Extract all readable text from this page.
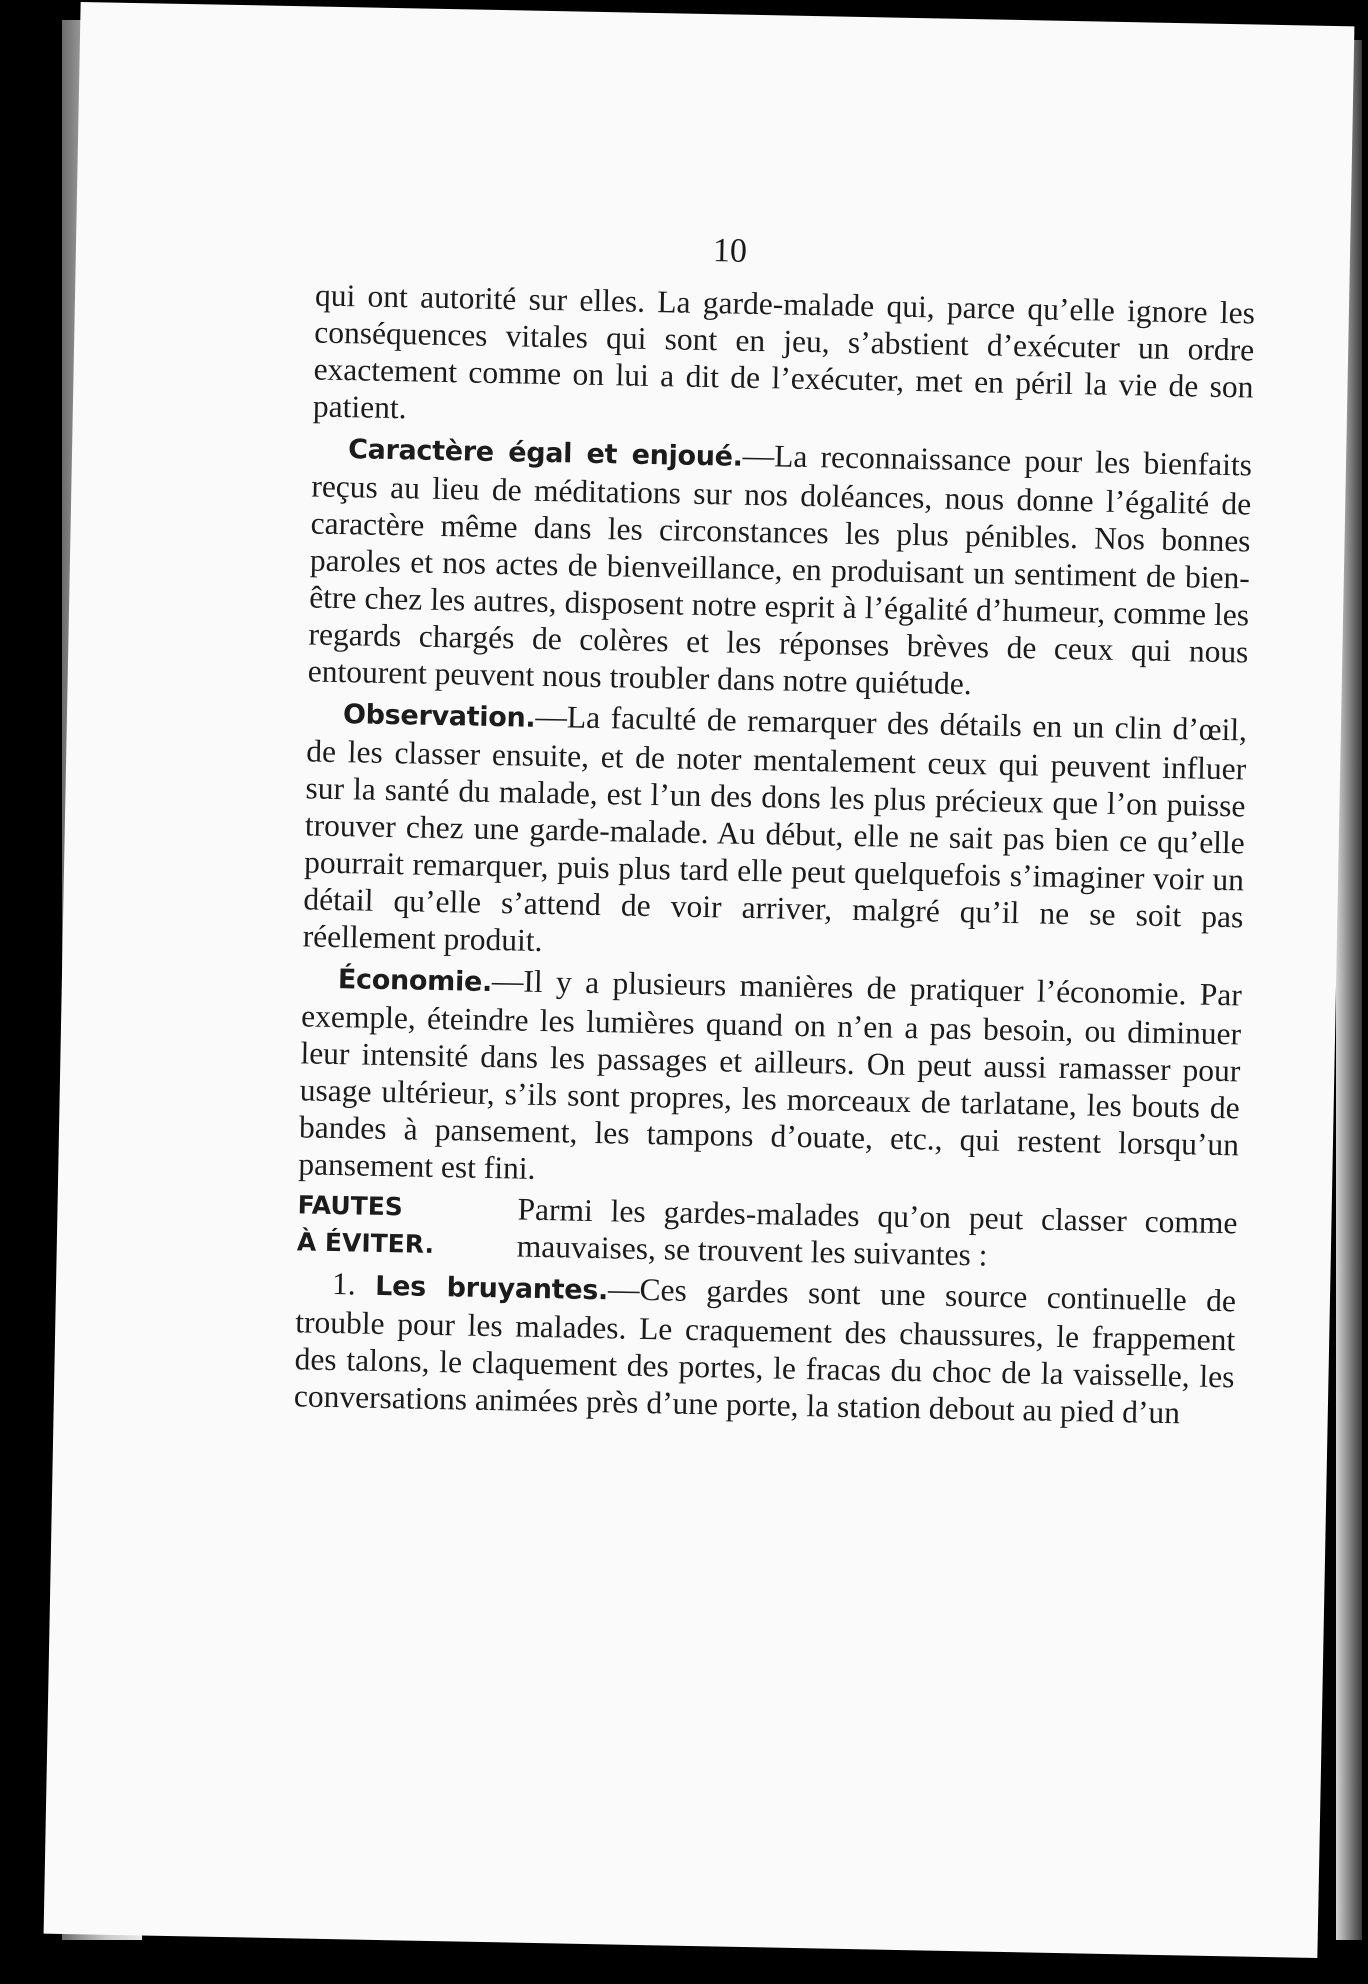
10

qui ont autorité sur elles. La garde-malade qui, parce qu’elle ignore les conséquences vitales qui sont en jeu, s’abstient d’exécuter un ordre exactement comme on lui a dit de l’exécuter, met en péril la vie de son patient.

Caractère égal et enjoué.—La reconnaissance pour les bienfaits reçus au lieu de méditations sur nos doléances, nous donne l’égalité de caractère même dans les circonstances les plus pénibles. Nos bonnes paroles et nos actes de bienveillance, en produisant un sentiment de bien-être chez les autres, disposent notre esprit à l’égalité d’humeur, comme les regards chargés de colères et les réponses brèves de ceux qui nous entourent peuvent nous troubler dans notre quiétude.

Observation.—La faculté de remarquer des détails en un clin d’œil, de les classer ensuite, et de noter mentalement ceux qui peuvent influer sur la santé du malade, est l’un des dons les plus précieux que l’on puisse trouver chez une garde-malade. Au début, elle ne sait pas bien ce qu’elle pourrait remarquer, puis plus tard elle peut quelquefois s’imaginer voir un détail qu’elle s’attend de voir arriver, malgré qu’il ne se soit pas réellement produit.

Économie.—Il y a plusieurs manières de pratiquer l’économie. Par exemple, éteindre les lumières quand on n’en a pas besoin, ou diminuer leur intensité dans les passages et ailleurs. On peut aussi ramasser pour usage ultérieur, s’ils sont propres, les morceaux de tarlatane, les bouts de bandes à pansement, les tampons d’ouate, etc., qui restent lorsqu’un pansement est fini.

FAUTES
À ÉVITER.
Parmi les gardes-malades qu’on peut classer comme mauvaises, se trouvent les suivantes :

1. Les bruyantes.—Ces gardes sont une source continuelle de trouble pour les malades. Le craquement des chaussures, le frappement des talons, le claquement des portes, le fracas du choc de la vaisselle, les conversations animées près d’une porte, la station debout au pied d’un
